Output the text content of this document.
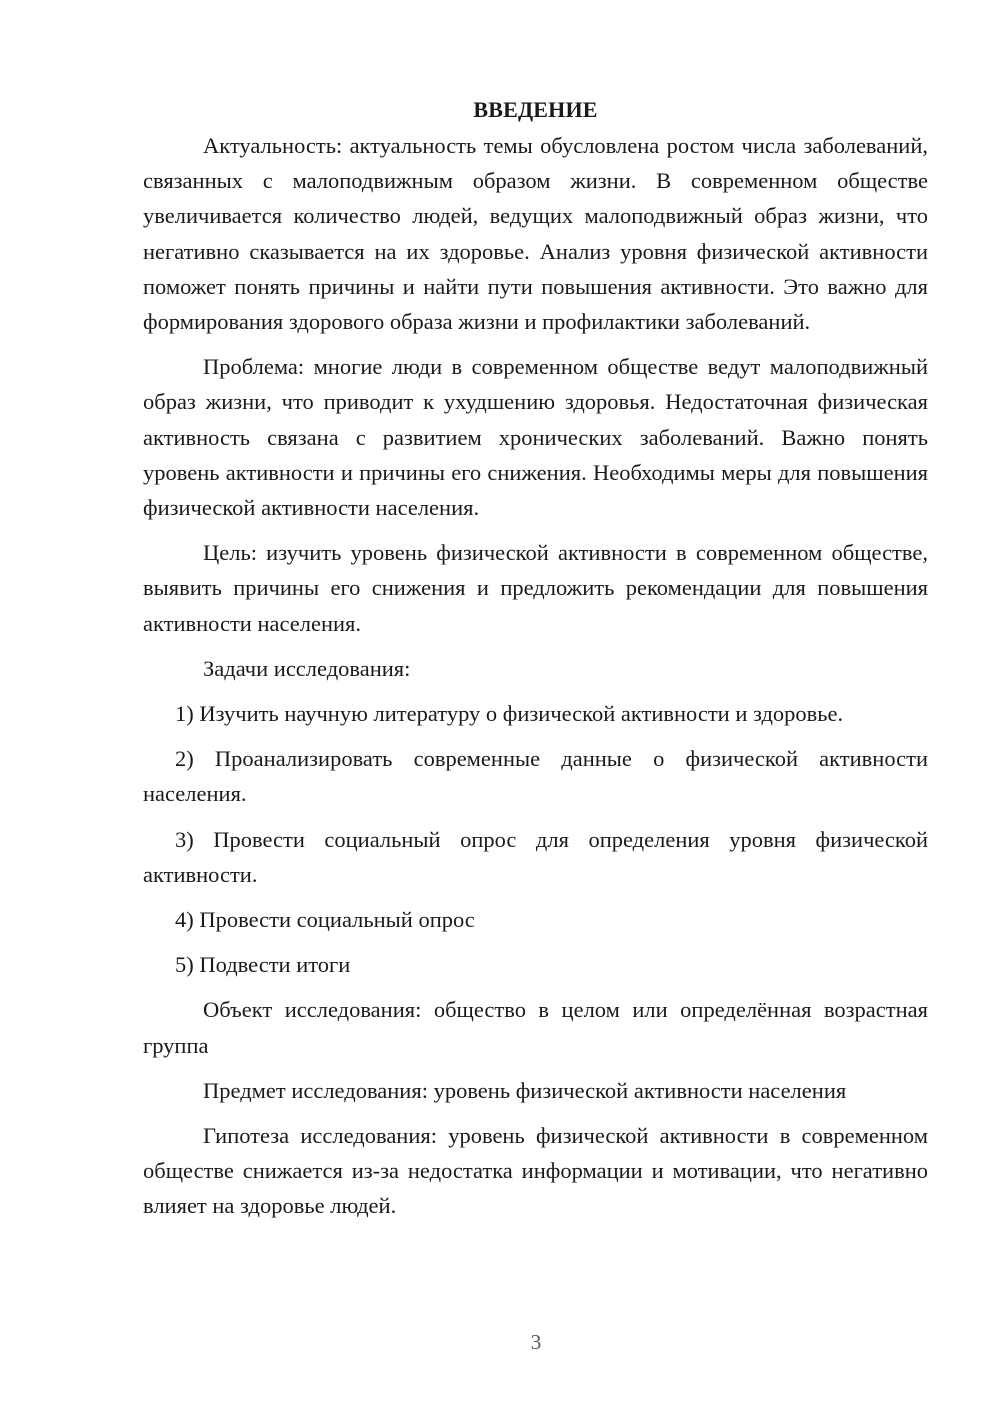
ВВЕДЕНИЕ

Актуальность: актуальность темы обусловлена ростом числа заболеваний, связанных с малоподвижным образом жизни. В современном обществе увеличивается количество людей, ведущих малоподвижный образ жизни, что негативно сказывается на их здоровье. Анализ уровня физической активности поможет понять причины и найти пути повышения активности. Это важно для формирования здорового образа жизни и профилактики заболеваний.

Проблема: многие люди в современном обществе ведут малоподвижный образ жизни, что приводит к ухудшению здоровья. Недостаточная физическая активность связана с развитием хронических заболеваний. Важно понять уровень активности и причины его снижения. Необходимы меры для повышения физической активности населения.

Цель: изучить уровень физической активности в современном обществе, выявить причины его снижения и предложить рекомендации для повышения активности населения.

Задачи исследования:

1) Изучить научную литературу о физической активности и здоровье.

2) Проанализировать современные данные о физической активности населения.

3) Провести социальный опрос для определения уровня физической активности.

4) Провести социальный опрос

5) Подвести итоги

Объект исследования: общество в целом или определённая возрастная группа

Предмет исследования: уровень физической активности населения

Гипотеза исследования: уровень физической активности в современном обществе снижается из-за недостатка информации и мотивации, что негативно влияет на здоровье людей.

3
